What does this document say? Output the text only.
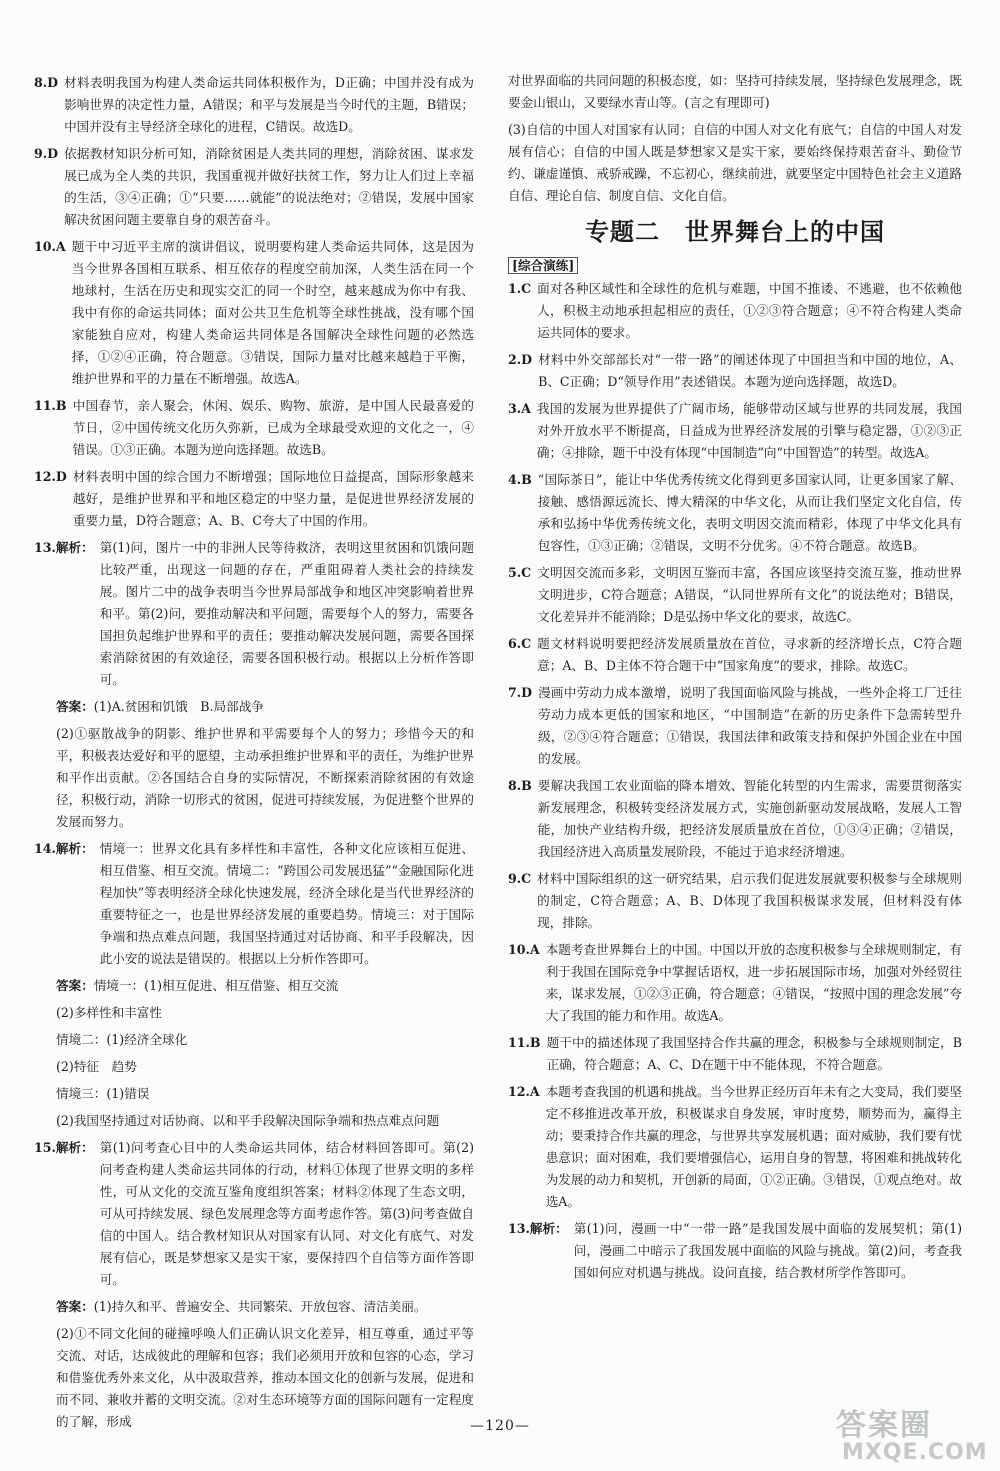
8.D 材料表明我国为构建人类命运共同体积极作为，D正确；中国并没有成为影响世界的决定性力量，A错误；和平与发展是当今时代的主题，B错误；中国并没有主导经济全球化的进程，C错误。故选D。
9.D 依据教材知识分析可知，消除贫困是人类共同的理想，消除贫困、谋求发展已成为全人类的共识，我国重视并做好扶贫工作，努力让人们过上幸福的生活，③④正确；①“只要……就能”的说法绝对；②错误，发展中国家解决贫困问题主要靠自身的艰苦奋斗。
10.A 题干中习近平主席的演讲倡议，说明要构建人类命运共同体，这是因为当今世界各国相互联系、相互依存的程度空前加深，人类生活在同一个地球村，生活在历史和现实交汇的同一个时空，越来越成为你中有我、我中有你的命运共同体；面对公共卫生危机等全球性挑战，没有哪个国家能独自应对，构建人类命运共同体是各国解决全球性问题的必然选择，①②④正确，符合题意。③错误，国际力量对比越来越趋于平衡，维护世界和平的力量在不断增强。故选A。
11.B 中国春节，亲人聚会，休闲、娱乐、购物、旅游，是中国人民最喜爱的节日，②中国传统文化历久弥新，已成为全球最受欢迎的文化之一，④错误。①③正确。本题为逆向选择题。故选B。
12.D 材料表明中国的综合国力不断增强；国际地位日益提高，国际形象越来越好，是维护世界和平和地区稳定的中坚力量，是促进世界经济发展的重要力量，D符合题意；A、B、C夸大了中国的作用。
13.解析： 第(1)问，图片一中的非洲人民等待救济，表明这里贫困和饥饿问题比较严重，出现这一问题的存在，严重阻碍着人类社会的持续发展。图片二中的战争表明当今世界局部战争和地区冲突影响着世界和平。第(2)问，要推动解决和平问题，需要每个人的努力，需要各国担负起维护世界和平的责任；要推动解决发展问题，需要各国探索消除贫困的有效途径，需要各国积极行动。根据以上分析作答即可。
答案：(1)A.贫困和饥饿　B.局部战争
(2)①驱散战争的阴影、维护世界和平需要每个人的努力；珍惜今天的和平，积极表达爱好和平的愿望，主动承担维护世界和平的责任，为维护世界和平作出贡献。②各国结合自身的实际情况，不断探索消除贫困的有效途径，积极行动，消除一切形式的贫困，促进可持续发展，为促进整个世界的发展而努力。
14.解析： 情境一：世界文化具有多样性和丰富性，各种文化应该相互促进、相互借鉴、相互交流。情境二：“跨国公司发展迅猛”“金融国际化进程加快”等表明经济全球化快速发展，经济全球化是当代世界经济的重要特征之一，也是世界经济发展的重要趋势。情境三：对于国际争端和热点难点问题，我国坚持通过对话协商、和平手段解决，因此小安的说法是错误的。根据以上分析作答即可。
答案：情境一：(1)相互促进、相互借鉴、相互交流
(2)多样性和丰富性
情境二：(1)经济全球化
(2)特征　趋势
情境三：(1)错误
(2)我国坚持通过对话协商、以和平手段解决国际争端和热点难点问题
15.解析： 第(1)问考查心目中的人类命运共同体，结合材料回答即可。第(2)问考查构建人类命运共同体的行动，材料①体现了世界文明的多样性，可从文化的交流互鉴角度组织答案；材料②体现了生态文明，可从可持续发展、绿色发展理念等方面考虑作答。第(3)问考查做自信的中国人。结合教材知识从对国家有认同、对文化有底气、对发展有信心，既是梦想家又是实干家，要保持四个自信等方面作答即可。
答案：(1)持久和平、普遍安全、共同繁荣、开放包容、清洁美丽。
(2)①不同文化间的碰撞呼唤人们正确认识文化差异，相互尊重，通过平等交流、对话，达成彼此的理解和包容；我们必须用开放和包容的心态，学习和借鉴优秀外来文化，从中汲取营养，推动本国文化的创新与发展，促进和而不同、兼收并蓄的文明交流。②对生态环境等方面的国际问题有一定程度的了解，形成
对世界面临的共同问题的积极态度，如：坚持可持续发展，坚持绿色发展理念，既要金山银山，又要绿水青山等。(言之有理即可)
(3)自信的中国人对国家有认同；自信的中国人对文化有底气；自信的中国人对发展有信心；自信的中国人既是梦想家又是实干家，要始终保持艰苦奋斗、勤俭节约、谦虚谨慎、戒骄戒躁，不忘初心，继续前进，就要坚定中国特色社会主义道路自信、理论自信、制度自信、文化自信。
专题二　世界舞台上的中国
[综合演练]
1.C 面对各种区域性和全球性的危机与难题，中国不推诿、不逃避，也不依赖他人，积极主动地承担起相应的责任，①②③符合题意；④不符合构建人类命运共同体的要求。
2.D 材料中外交部部长对“一带一路”的阐述体现了中国担当和中国的地位，A、B、C正确；D“领导作用”表述错误。本题为逆向选择题，故选D。
3.A 我国的发展为世界提供了广阔市场，能够带动区域与世界的共同发展，我国对外开放水平不断提高，日益成为世界经济发展的引擎与稳定器，①②③正确；④排除，题干中没有体现“中国制造”向“中国智造”的转型。故选A。
4.B “国际茶日”，能让中华优秀传统文化得到更多国家认同，让更多国家了解、接触、感悟源远流长、博大精深的中华文化，从而让我们坚定文化自信，传承和弘扬中华优秀传统文化，表明文明因交流而精彩，体现了中华文化具有包容性，①③正确；②错误，文明不分优劣。④不符合题意。故选B。
5.C 文明因交流而多彩，文明因互鉴而丰富，各国应该坚持交流互鉴，推动世界文明进步，C符合题意；A错误，“认同世界所有文化”的说法绝对；B错误，文化差异并不能消除；D是弘扬中华文化的要求，故选C。
6.C 题文材料说明要把经济发展质量放在首位，寻求新的经济增长点，C符合题意；A、B、D主体不符合题干中“国家角度”的要求，排除。故选C。
7.D 漫画中劳动力成本激增，说明了我国面临风险与挑战，一些外企将工厂迁往劳动力成本更低的国家和地区，“中国制造”在新的历史条件下急需转型升级，②③④符合题意；①错误，我国法律和政策支持和保护外国企业在中国的发展。
8.B 要解决我国工农业面临的降本增效、智能化转型的内生需求，需要贯彻落实新发展理念，积极转变经济发展方式，实施创新驱动发展战略，发展人工智能，加快产业结构升级，把经济发展质量放在首位，①③④正确；②错误，我国经济进入高质量发展阶段，不能过于追求经济增速。
9.C 材料中国际组织的这一研究结果，启示我们促进发展就要积极参与全球规则的制定，C符合题意；A、B、D体现了我国积极谋求发展，但材料没有体现，排除。
10.A 本题考查世界舞台上的中国。中国以开放的态度积极参与全球规则制定，有利于我国在国际竞争中掌握话语权，进一步拓展国际市场，加强对外经贸往来，谋求发展，①②③正确，符合题意；④错误，“按照中国的理念发展”夸大了我国的能力和作用。故选A。
11.B 题干中的描述体现了我国坚持合作共赢的理念，积极参与全球规则制定，B正确，符合题意；A、C、D在题干中不能体现，不符合题意。
12.A 本题考查我国的机遇和挑战。当今世界正经历百年未有之大变局，我们要坚定不移推进改革开放，积极谋求自身发展，审时度势，顺势而为，赢得主动；要秉持合作共赢的理念，与世界共享发展机遇；面对威胁，我们要有忧患意识；面对困难，我们要增强信心，运用自身的智慧，将困难和挑战转化为发展的动力和契机，开创新的局面，①②正确。③错误，①观点绝对。故选A。
13.解析： 第(1)问，漫画一中“一带一路”是我国发展中面临的发展契机；第(1)问，漫画二中暗示了我国发展中面临的风险与挑战。第(2)问，考查我国如何应对机遇与挑战。设问直接，结合教材所学作答即可。
—120—	答案圈
MXQE.COM
